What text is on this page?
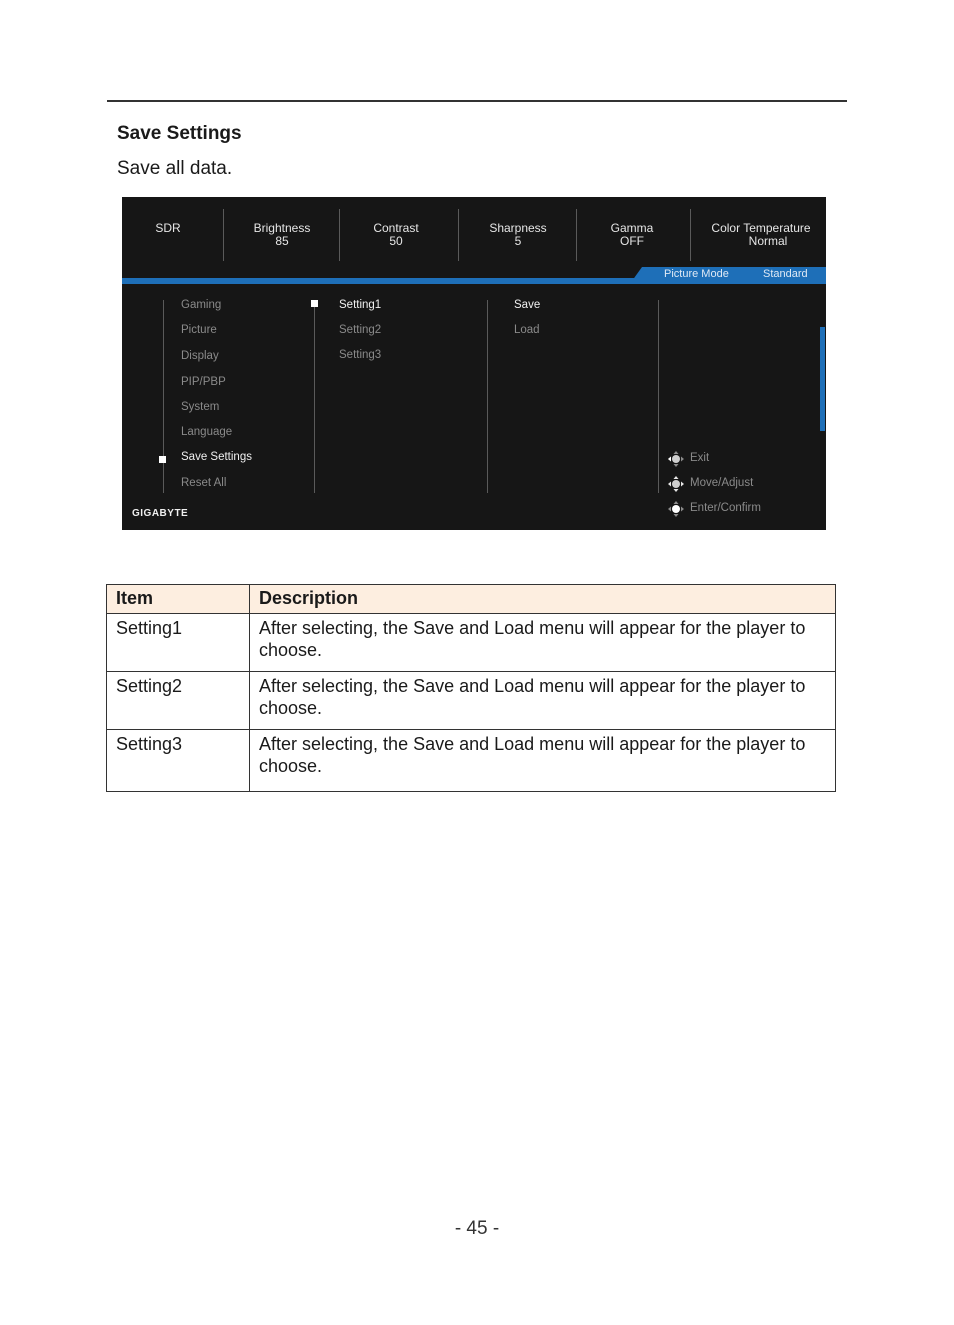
Save Settings
Save all data.
SDR	Brightness
85
Contrast
50
Sharpness
5
Gamma
OFF
Color Temperature
Normal
Picture Mode	Standard
Gaming
Picture
Display
PIP/PBP
System
Language
Save Settings
Reset All
Setting1
Setting2
Setting3
Save
Load
Exit
Move/Adjust
Enter/Confirm
GIGABYTE
Item	Description
Setting1	After selecting, the Save and Load menu will appear for the player to choose.
Setting2	After selecting, the Save and Load menu will appear for the player to choose.
Setting3	After selecting, the Save and Load menu will appear for the player to choose.
- 45 -
